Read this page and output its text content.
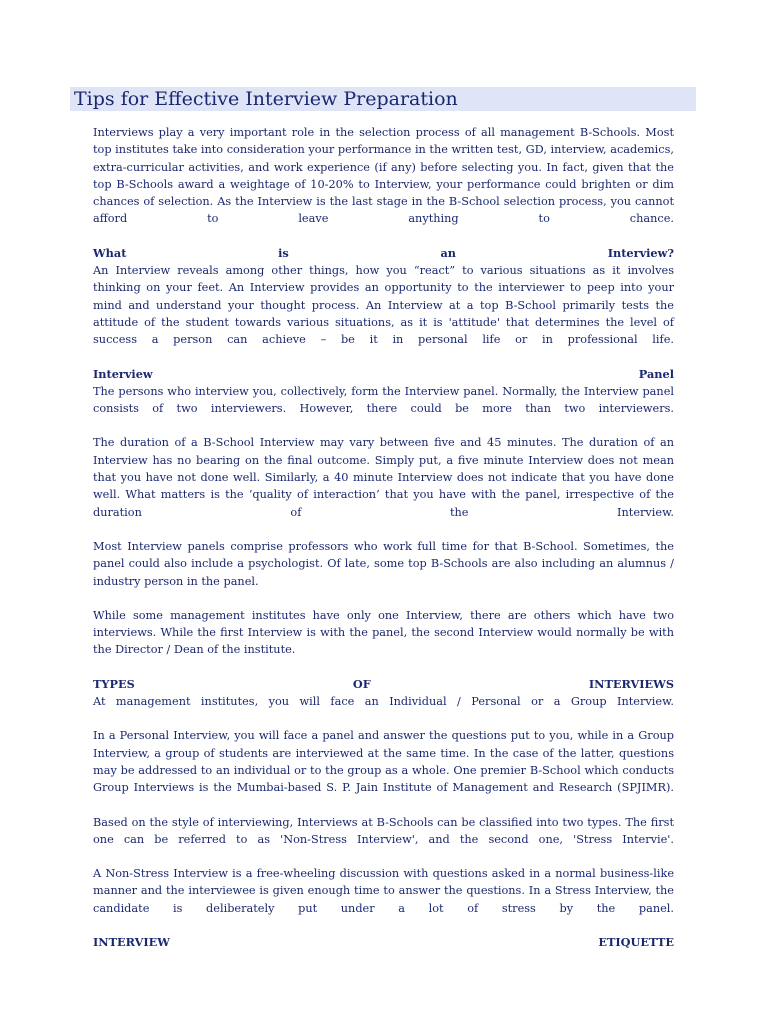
Tips for Effective Interview Preparation

Interviews play a very important role in the selection process of all management B-Schools. Most top institutes take into consideration your performance in the written test, GD, interview, academics, extra-curricular activities, and work experience (if any) before selecting you. In fact, given that the top B-Schools award a weightage of 10-20% to Interview, your performance could brighten or dim chances of selection. As the Interview is the last stage in the B-School selection process, you cannot afford to leave anything to chance.

What	is	an	Interview?

An Interview reveals among other things, how you “react” to various situations as it involves thinking on your feet. An Interview provides an opportunity to the interviewer to peep into your mind and understand your thought process. An Interview at a top B-School primarily tests the attitude of the student towards various situations, as it is 'attitude' that determines the level of success a person can achieve – be it in personal life or in professional life.

Interview	Panel

The persons who interview you, collectively, form the Interview panel. Normally, the Interview panel consists of two interviewers. However, there could be more than two interviewers.

The duration of a B-School Interview may vary between five and 45 minutes. The duration of an Interview has no bearing on the final outcome. Simply put, a five minute Interview does not mean that you have not done well. Similarly, a 40 minute Interview does not indicate that you have done well. What matters is the ‘quality of interaction’ that you have with the panel, irrespective of the duration of the Interview.

Most Interview panels comprise professors who work full time for that B-School. Sometimes, the panel could also include a psychologist. Of late, some top B-Schools are also including an alumnus / industry person in the panel.

While some management institutes have only one Interview, there are others which have two interviews. While the first Interview is with the panel, the second Interview would normally be with the Director / Dean of the institute.

TYPES	OF	INTERVIEWS

At management institutes, you will face an Individual / Personal or a Group Interview.

In a Personal Interview, you will face a panel and answer the questions put to you, while in a Group Interview, a group of students are interviewed at the same time. In the case of the latter, questions may be addressed to an individual or to the group as a whole. One premier B-School which conducts Group Interviews is the Mumbai-based S. P. Jain Institute of Management and Research (SPJIMR).

Based on the style of interviewing, Interviews at B-Schools can be classified into two types. The first one can be referred to as 'Non-Stress Interview', and the second one, 'Stress Intervie'.

A Non-Stress Interview is a free-wheeling discussion with questions asked in a normal business-like manner and the interviewee is given enough time to answer the questions. In a Stress Interview, the candidate is deliberately put under a lot of stress by the panel.

INTERVIEW	ETIQUETTE
